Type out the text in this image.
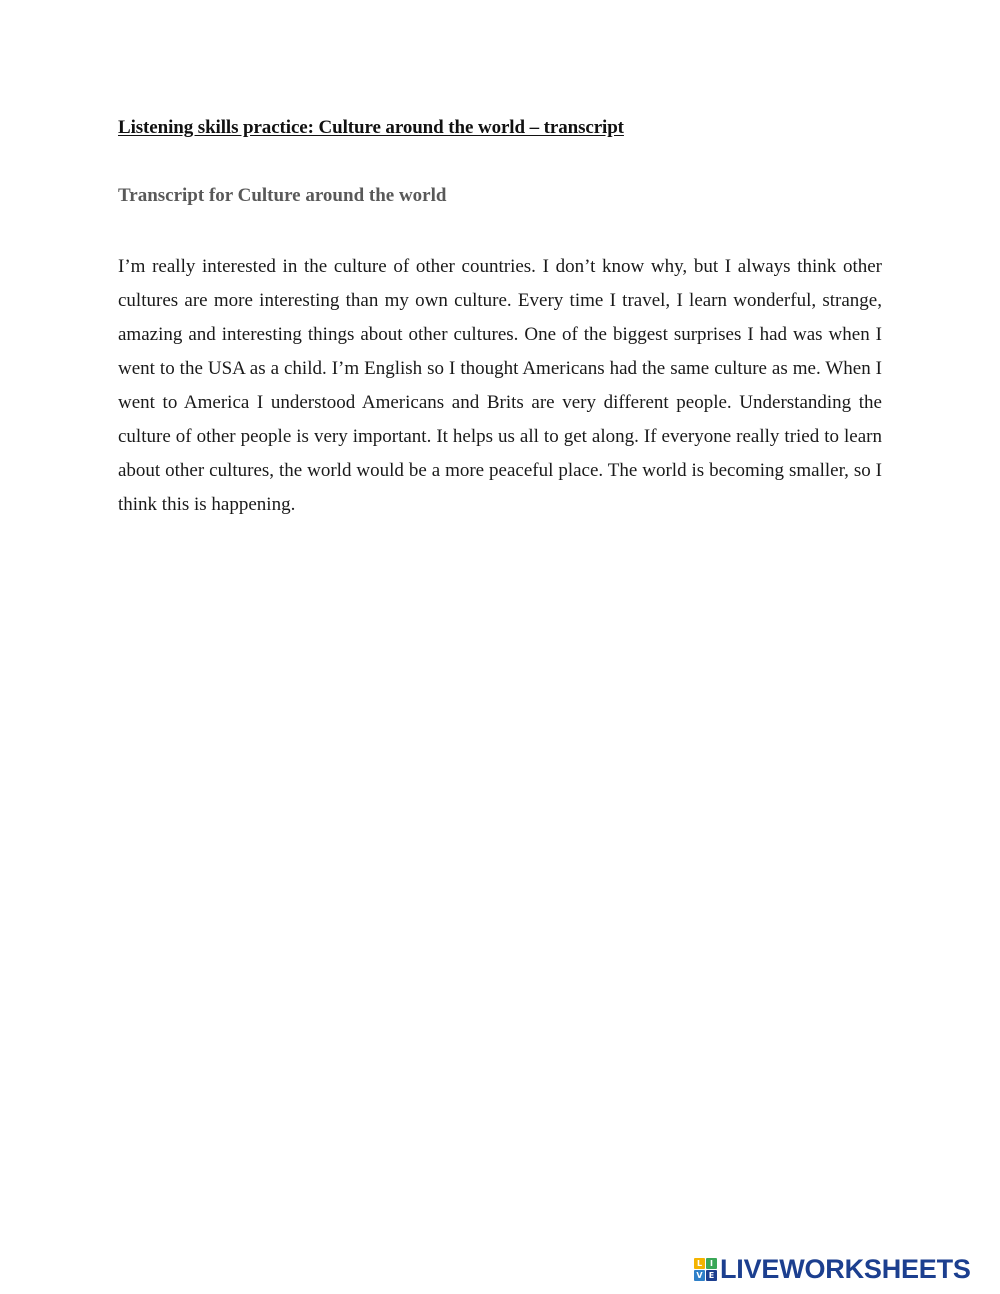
Listening skills practice: Culture around the world – transcript
Transcript for Culture around the world

I’m really interested in the culture of other countries. I don’t know why, but I always think other cultures are more interesting than my own culture. Every time I travel, I learn wonderful, strange, amazing and interesting things about other cultures. One of the biggest surprises I had was when I went to the USA as a child. I’m English so I thought Americans had the same culture as me. When I went to America I understood Americans and Brits are very different people. Understanding the culture of other people is very important. It helps us all to get along. If everyone really tried to learn about other cultures, the world would be a more peaceful place. The world is becoming smaller, so I think this is happening.

L I
V E LIVEWORKSHEETS
